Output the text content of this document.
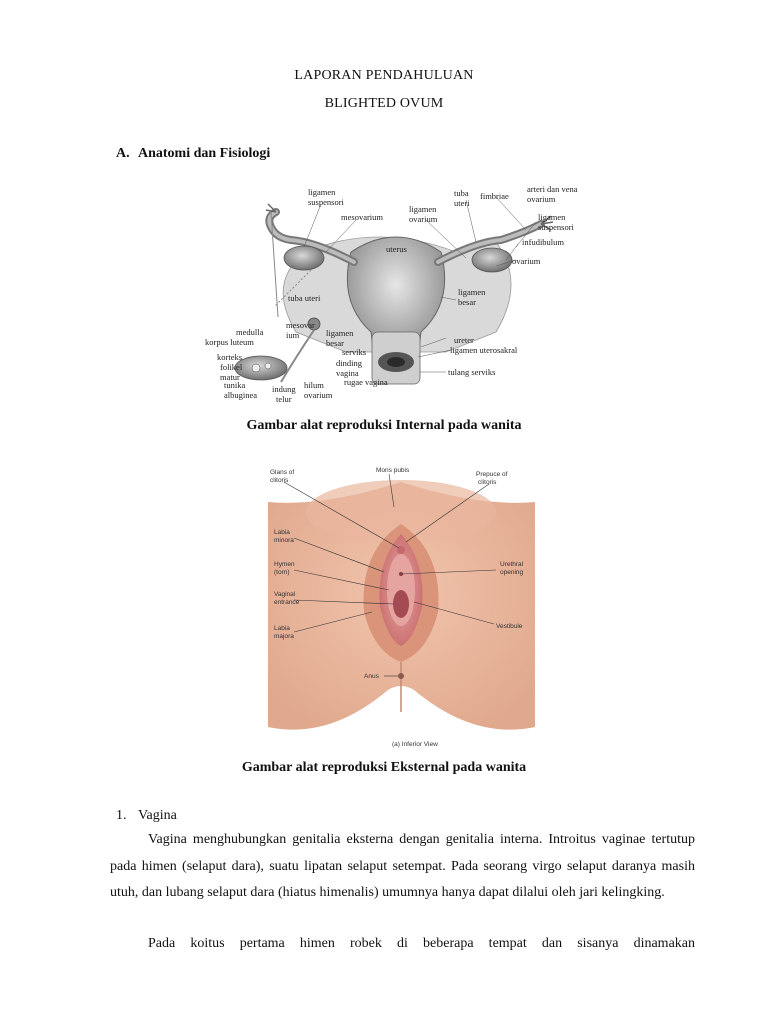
LAPORAN PENDAHULUAN
BLIGHTED OVUM
A. Anatomi dan Fisiologi
ligamen
suspensori
mesovarium
ligamen
ovarium
tuba
uteri
fimbriae
arteri dan vena
ovarium
ligamen
suspensori
infudibulum
ovarium
uterus
ligamen
besar
tuba uteri
medulla
korpus luteum
mesovar
ium	ligamen
besar
korteks
folikel
matur
tunika
albuginea
serviks
dinding
vagina
rugae vagina
indung
telur
hilum
ovarium
ureter
ligamen uterosakral
tulang serviks
Gambar alat reproduksi Internal pada wanita
Glans of
clitoris
Mons pubis
Prepuce of
clitoris
Labia
minora
Hymen
(torn)
Urethral
opening
Vaginal
entrance
Vestibule
Labia
majora
Anus
(a) Inferior View
Gambar alat reproduksi Eksternal pada wanita
1. Vagina

Vagina menghubungkan genitalia eksterna dengan genitalia interna. Introitus vaginae tertutup pada himen (selaput dara), suatu lipatan selaput setempat. Pada seorang virgo selaput daranya masih utuh, dan lubang selaput dara (hiatus himenalis) umumnya hanya dapat dilalui oleh jari kelingking.

Pada koitus pertama himen robek di beberapa tempat dan sisanya dinamakan
